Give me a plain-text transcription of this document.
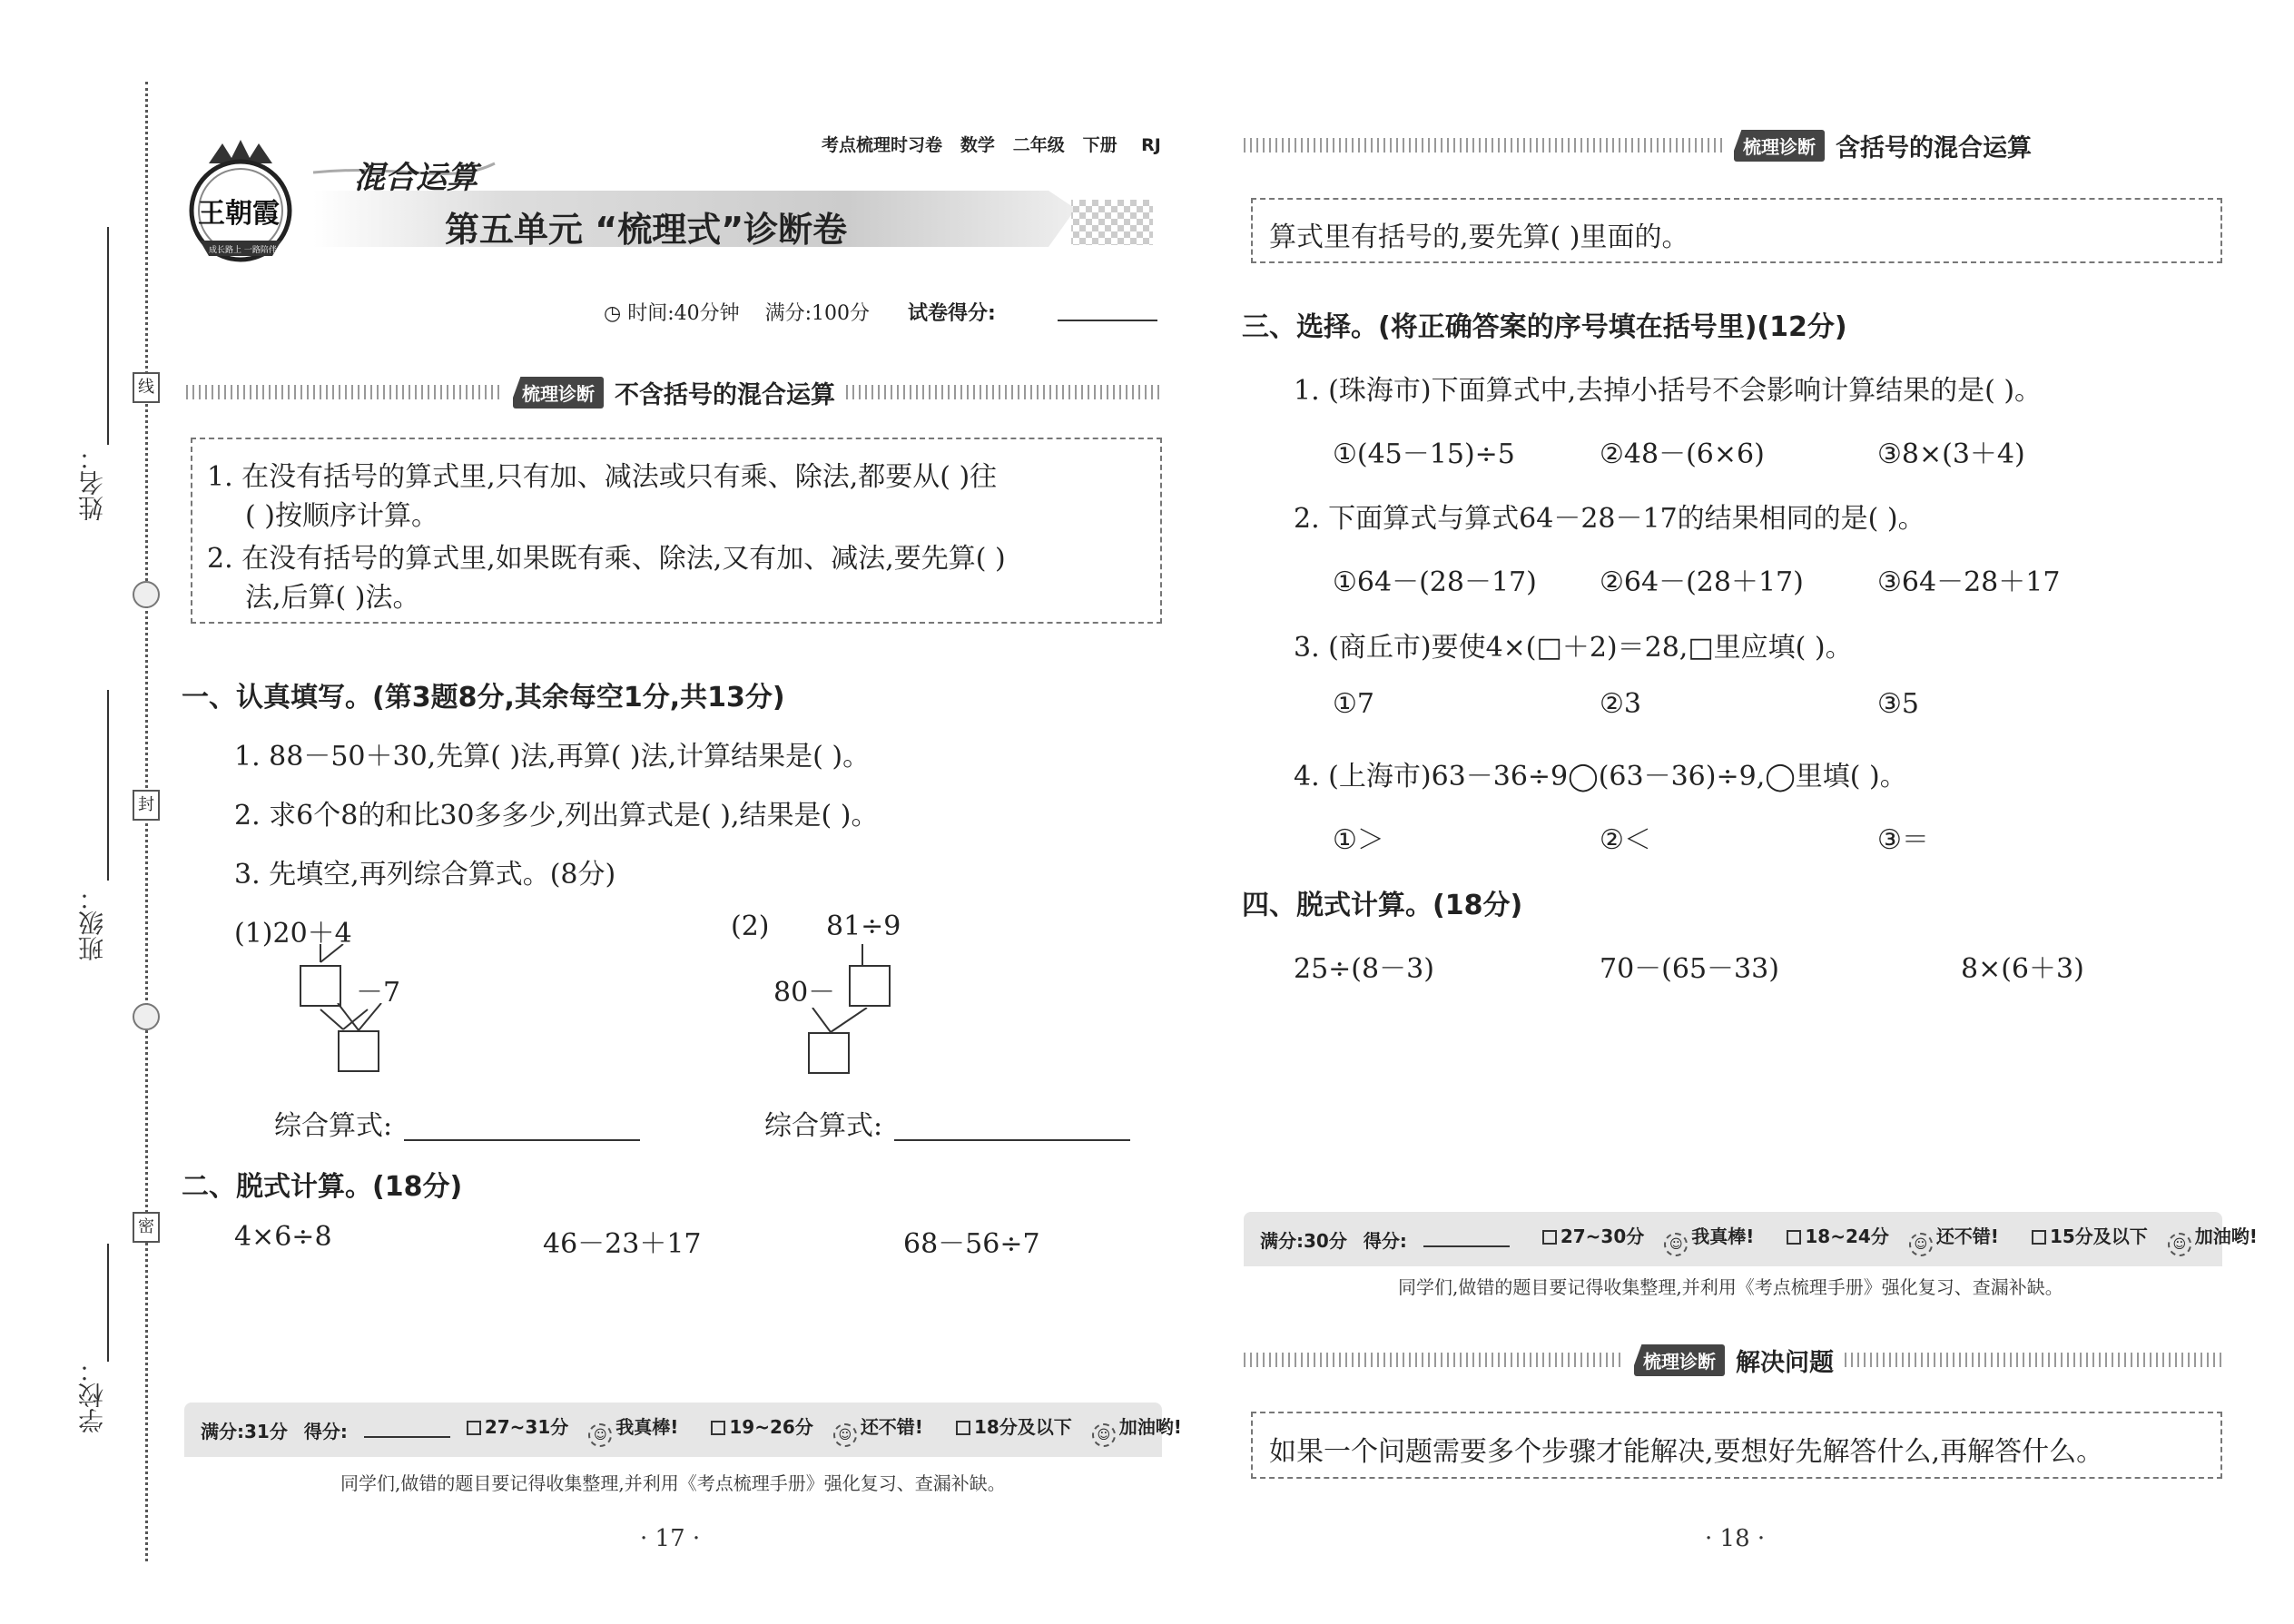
姓名：
班级：
学校：
线
封
密
王朝霞
成长路上 一路陪伴
混合运算
第五单元 “梳理式”诊断卷
考点梳理时习卷 数学 二年级 下册 RJ
◷ 时间:40分钟 满分:100分 试卷得分:
梳理诊断 不含括号的混合运算
1. 在没有括号的算式里,只有加、减法或只有乘、除法,都要从( )往
( )按顺序计算。
2. 在没有括号的算式里,如果既有乘、除法,又有加、减法,要先算( )
法,后算( )法。
一、认真填写。(第3题8分,其余每空1分,共13分)
1. 88－50＋30,先算( )法,再算( )法,计算结果是( )。
2. 求6个8的和比30多多少,列出算式是( ),结果是( )。
3. 先填空,再列综合算式。(8分)
(1)20＋4
－7
(2) 81÷9
80－
综合算式:	综合算式:
二、脱式计算。(18分)
4×6÷8	46－23＋17	68－56÷7
满分:31分 得分:	27~31分 ☺ 我真棒!	19~26分 ☺ 还不错!	18分及以下 ☺ 加油哟!
同学们,做错的题目要记得收集整理,并利用《考点梳理手册》强化复习、查漏补缺。
· 17 ·
梳理诊断 含括号的混合运算
算式里有括号的,要先算( )里面的。
三、选择。(将正确答案的序号填在括号里)(12分)
1. (珠海市)下面算式中,去掉小括号不会影响计算结果的是( )。
①(45－15)÷5	②48－(6×6)	③8×(3＋4)
2. 下面算式与算式64－28－17的结果相同的是( )。
①64－(28－17) ②64－(28＋17)	③64－28＋17
3. (商丘市)要使4×(□＋2)＝28,□里应填( )。
①7	②3	③5
4. (上海市)63－36÷9◯(63－36)÷9,◯里填( )。
①＞	②＜	③＝
四、脱式计算。(18分)
25÷(8－3)	70－(65－33)	8×(6＋3)
满分:30分 得分:	27~30分 ☺ 我真棒!	18~24分 ☺ 还不错!	15分及以下 ☺ 加油哟!
同学们,做错的题目要记得收集整理,并利用《考点梳理手册》强化复习、查漏补缺。
梳理诊断 解决问题
如果一个问题需要多个步骤才能解决,要想好先解答什么,再解答什么。
· 18 ·
